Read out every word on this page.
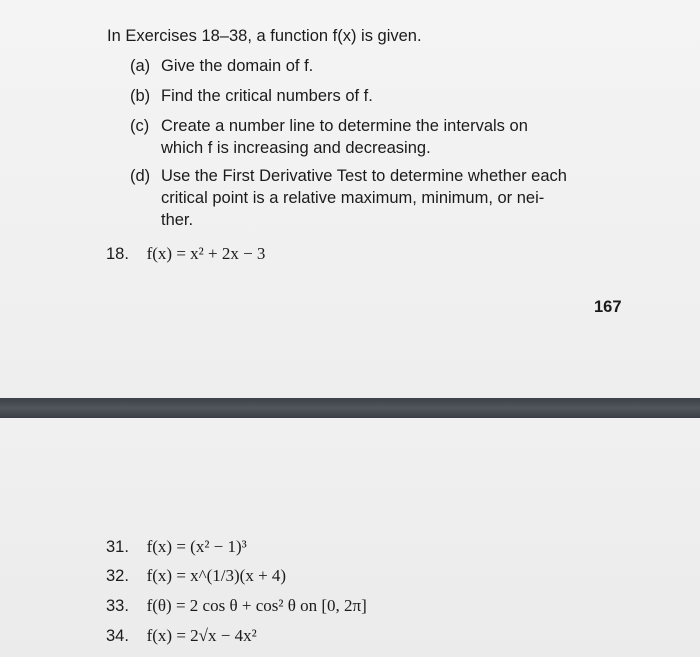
In Exercises 18–38, a function f(x) is given.

(a) Give the domain of f.
(b) Find the critical numbers of f.
(c) Create a number line to determine the intervals on which f is increasing and decreasing.
(d) Use the First Derivative Test to determine whether each critical point is a relative maximum, minimum, or nei-ther.
18. f(x) = x² + 2x − 3
167
31. f(x) = (x² − 1)³
32. f(x) = x^(1/3)(x + 4)
33. f(θ) = 2 cos θ + cos² θ on [0, 2π]
34. f(x) = 2√x − 4x²
